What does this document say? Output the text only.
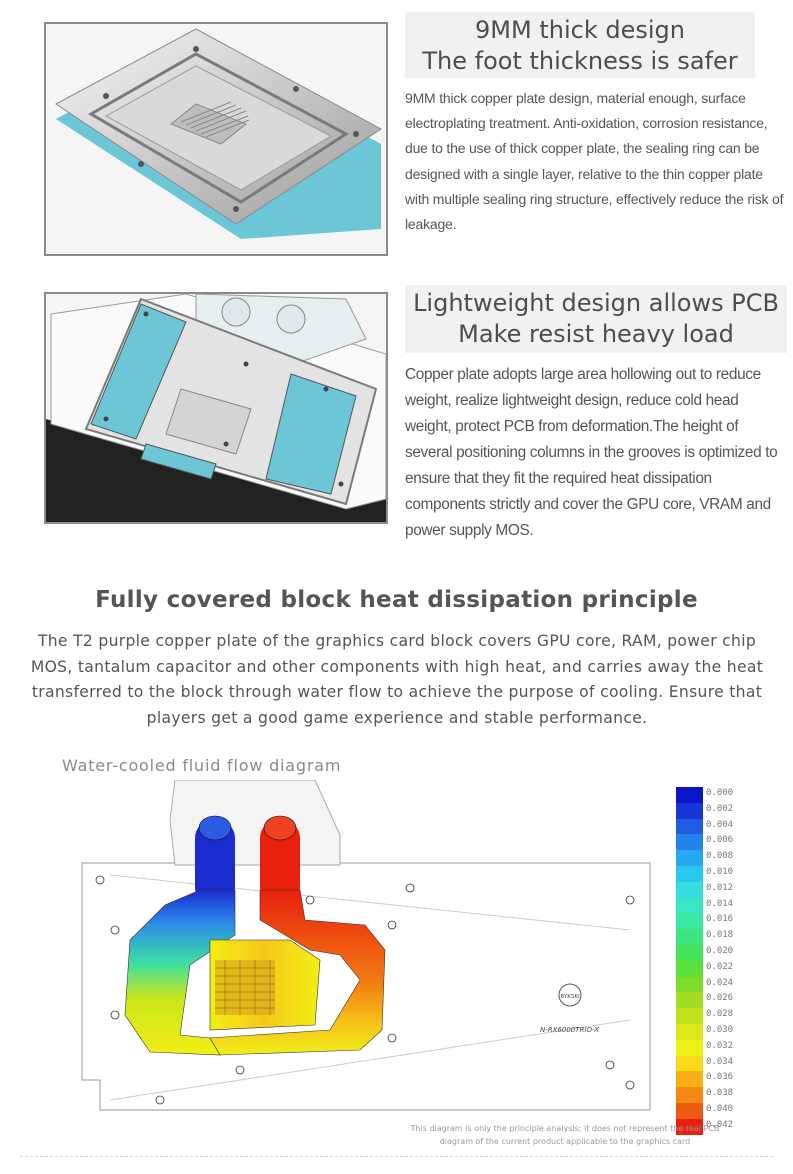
9MM thick design
The foot thickness is safer
9MM thick copper plate design, material enough, surface electroplating treatment. Anti-oxidation, corrosion resistance, due to the use of thick copper plate, the sealing ring can be designed with a single layer, relative to the thin copper plate with multiple sealing ring structure, effectively reduce the risk of leakage.
Lightweight design allows PCB
Make resist heavy load
Copper plate adopts large area hollowing out to reduce weight, realize lightweight design, reduce cold head weight, protect PCB from deformation.The height of several positioning columns in the grooves is optimized to ensure that they fit the required heat dissipation components strictly and cover the GPU core, VRAM and power supply MOS.
Fully covered block heat dissipation principle
The T2 purple copper plate of the graphics card block covers GPU core, RAM, power chip MOS, tantalum capacitor and other components with high heat, and carries away the heat transferred to the block through water flow to achieve the purpose of cooling. Ensure that players get a good game experience and stable performance.
Water-cooled fluid flow diagram
BYKSKI
N-RX6000TRIO-X
0.000
0.002
0.004
0.006
0.008
0.010
0.012
0.014
0.016
0.018
0.020
0.022
0.024
0.026
0.028
0.030
0.032
0.034
0.036
0.038
0.040
0.042
This diagram is only the principle analysis; it does not represent the real PCB
diagram of the current product applicable to the graphics card
